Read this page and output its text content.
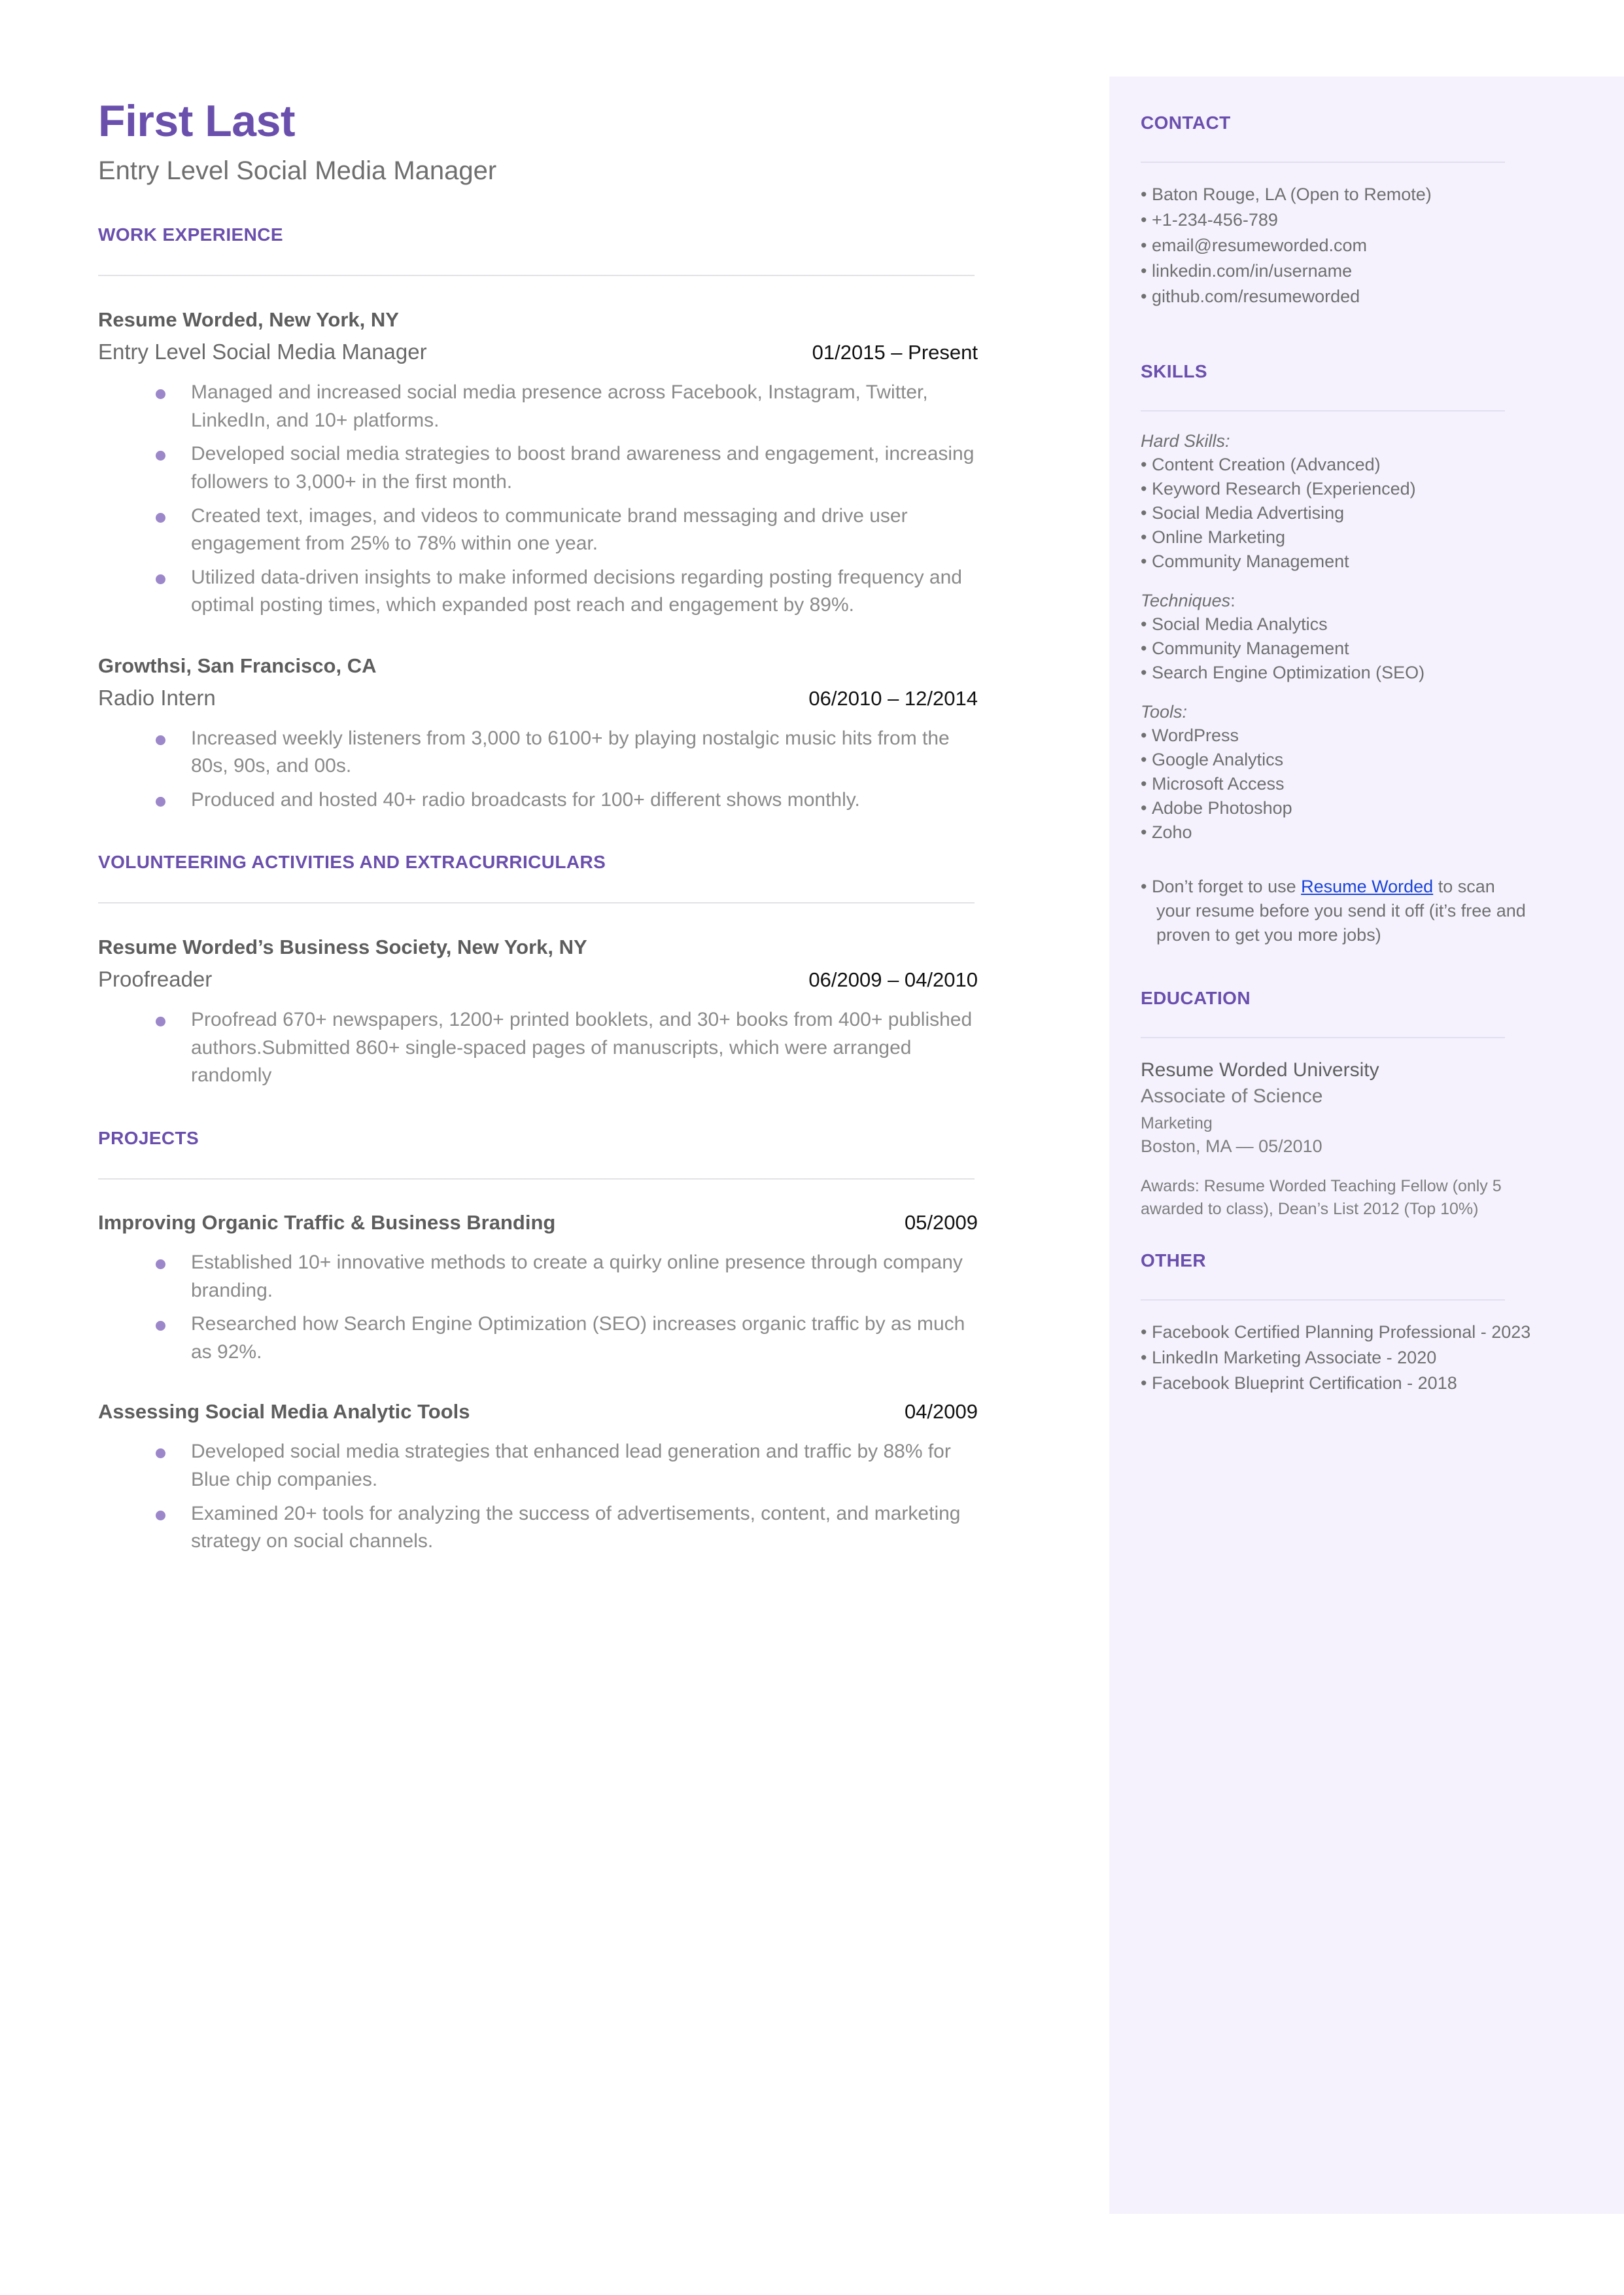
First Last
Entry Level Social Media Manager
WORK EXPERIENCE
Resume Worded, New York, NY
Entry Level Social Media Manager	01/2015 – Present
Managed and increased social media presence across Facebook, Instagram, Twitter, LinkedIn, and 10+ platforms.
Developed social media strategies to boost brand awareness and engagement, increasing followers to 3,000+ in the first month.
Created text, images, and videos to communicate brand messaging and drive user engagement from 25% to 78% within one year.
Utilized data-driven insights to make informed decisions regarding posting frequency and optimal posting times, which expanded post reach and engagement by 89%.
Growthsi, San Francisco, CA
Radio Intern	06/2010 – 12/2014
Increased weekly listeners from 3,000 to 6100+ by playing nostalgic music hits from the 80s, 90s, and 00s.
Produced and hosted 40+ radio broadcasts for 100+ different shows monthly.
VOLUNTEERING ACTIVITIES AND EXTRACURRICULARS
Resume Worded’s Business Society, New York, NY
Proofreader	06/2009 – 04/2010
Proofread 670+ newspapers, 1200+ printed booklets, and 30+ books from 400+ published authors.Submitted 860+ single-spaced pages of manuscripts, which were arranged randomly
PROJECTS
Improving Organic Traffic & Business Branding	05/2009
Established 10+ innovative methods to create a quirky online presence through company branding.
Researched how Search Engine Optimization (SEO) increases organic traffic by as much as 92%.
Assessing Social Media Analytic Tools	04/2009
Developed social media strategies that enhanced lead generation and traffic by 88% for Blue chip companies.
Examined 20+ tools for analyzing the success of advertisements, content, and marketing strategy on social channels.
CONTACT
• Baton Rouge, LA (Open to Remote)
• +1-234-456-789
• email@resumeworded.com
• linkedin.com/in/username
• github.com/resumeworded
SKILLS
Hard Skills:
• Content Creation (Advanced)
• Keyword Research (Experienced)
• Social Media Advertising
• Online Marketing
• Community Management
Techniques:
• Social Media Analytics
• Community Management
• Search Engine Optimization (SEO)
Tools:
• WordPress
• Google Analytics
• Microsoft Access
• Adobe Photoshop
• Zoho
• Don’t forget to use Resume Worded to scan your resume before you send it off (it’s free and proven to get you more jobs)
EDUCATION
Resume Worded University
Associate of Science
Marketing
Boston, MA — 05/2010
Awards: Resume Worded Teaching Fellow (only 5 awarded to class), Dean’s List 2012 (Top 10%)
OTHER
• Facebook Certified Planning Professional - 2023
• LinkedIn Marketing Associate - 2020
• Facebook Blueprint Certification - 2018
